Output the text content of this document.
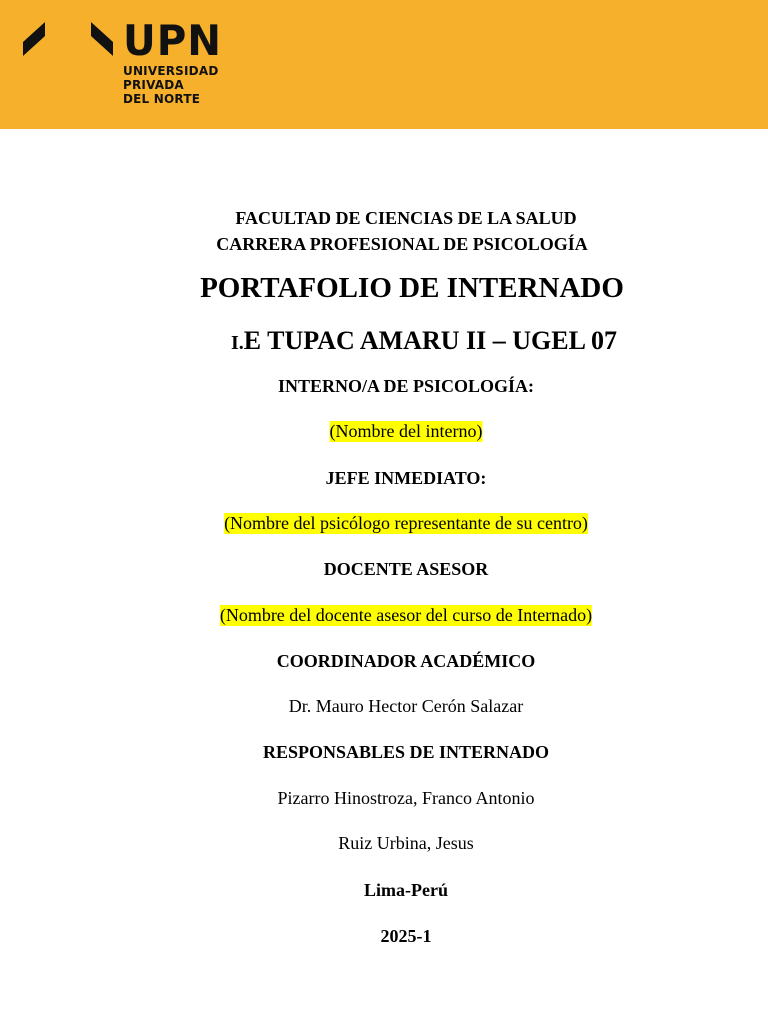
UPN
UNIVERSIDAD
PRIVADA
DEL NORTE
FACULTAD DE CIENCIAS DE LA SALUD
CARRERA PROFESIONAL DE PSICOLOGÍA
PORTAFOLIO DE INTERNADO
I.E TUPAC AMARU II – UGEL 07
INTERNO/A DE PSICOLOGÍA:
(Nombre del interno)
JEFE INMEDIATO:
(Nombre del psicólogo representante de su centro)
DOCENTE ASESOR
(Nombre del docente asesor del curso de Internado)
COORDINADOR ACADÉMICO
Dr. Mauro Hector Cerón Salazar
RESPONSABLES DE INTERNADO
Pizarro Hinostroza, Franco Antonio
Ruiz Urbina, Jesus
Lima-Perú
2025-1
